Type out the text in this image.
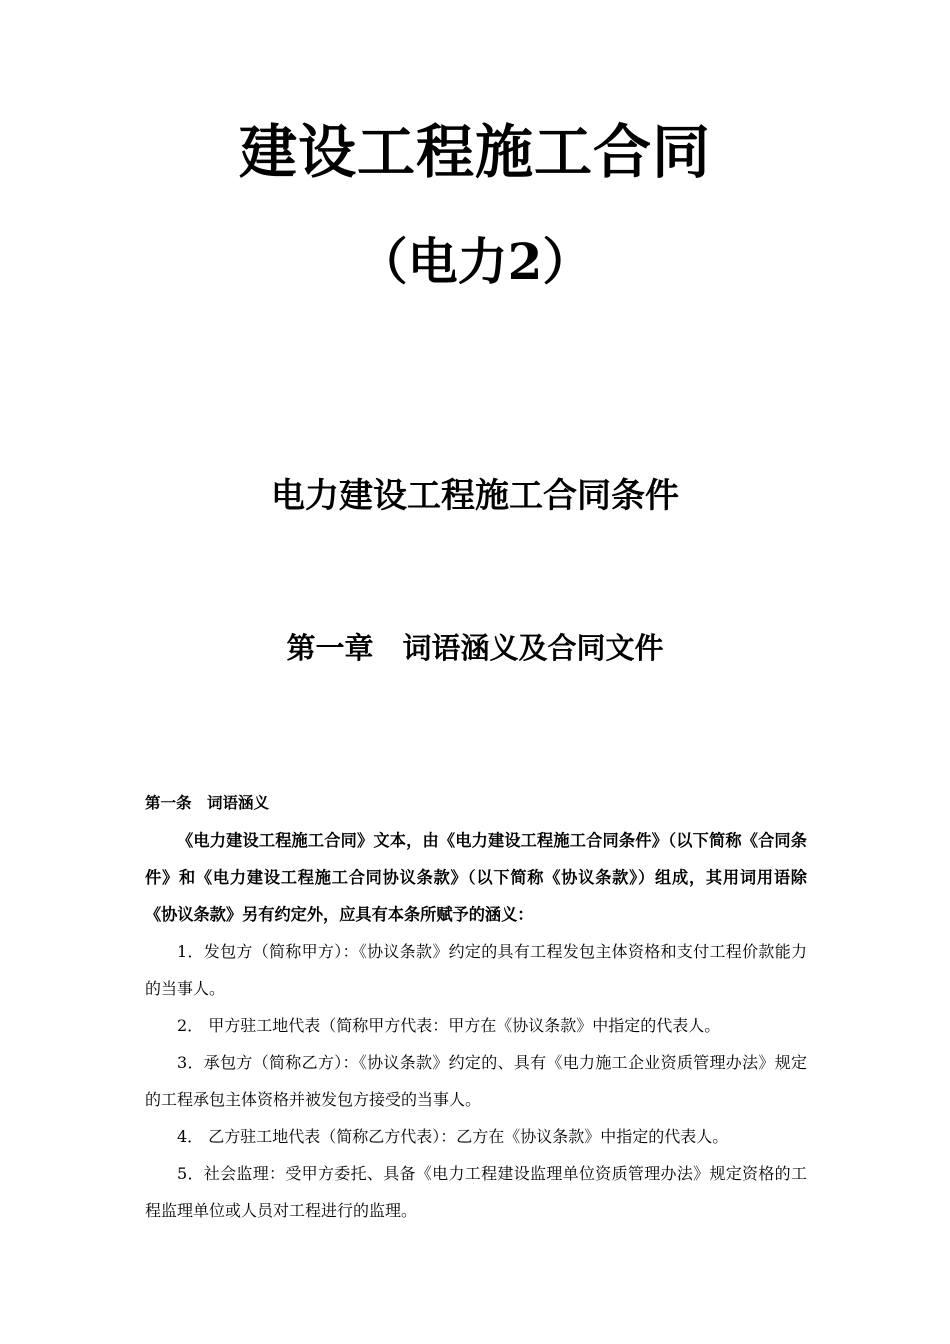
建设工程施工合同
（电力2）
电力建设工程施工合同条件
第一章　词语涵义及合同文件
第一条　词语涵义

《电力建设工程施工合同》文本，由《电力建设工程施工合同条件》（以下简称《合同条件》和《电力建设工程施工合同协议条款》（以下简称《协议条款》）组成，其用词用语除《协议条款》另有约定外，应具有本条所赋予的涵义：

1．发包方（简称甲方）：《协议条款》约定的具有工程发包主体资格和支付工程价款能力的当事人。

2． 甲方驻工地代表（简称甲方代表：甲方在《协议条款》中指定的代表人。

3．承包方（简称乙方）：《协议条款》约定的、具有《电力施工企业资质管理办法》规定的工程承包主体资格并被发包方接受的当事人。

4． 乙方驻工地代表（简称乙方代表）：乙方在《协议条款》中指定的代表人。

5．社会监理：受甲方委托、具备《电力工程建设监理单位资质管理办法》规定资格的工程监理单位或人员对工程进行的监理。
